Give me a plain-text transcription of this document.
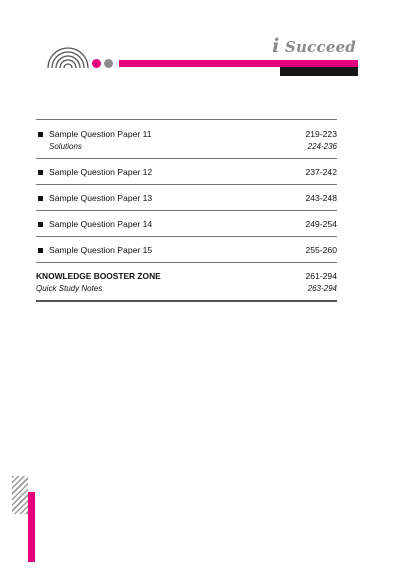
i Succeed
Sample Question Paper 11	219-223
Solutions	224-236
Sample Question Paper 12	237-242
Sample Question Paper 13	243-248
Sample Question Paper 14	249-254
Sample Question Paper 15	255-260
KNOWLEDGE BOOSTER ZONE	261-294
Quick Study Notes	263-294
